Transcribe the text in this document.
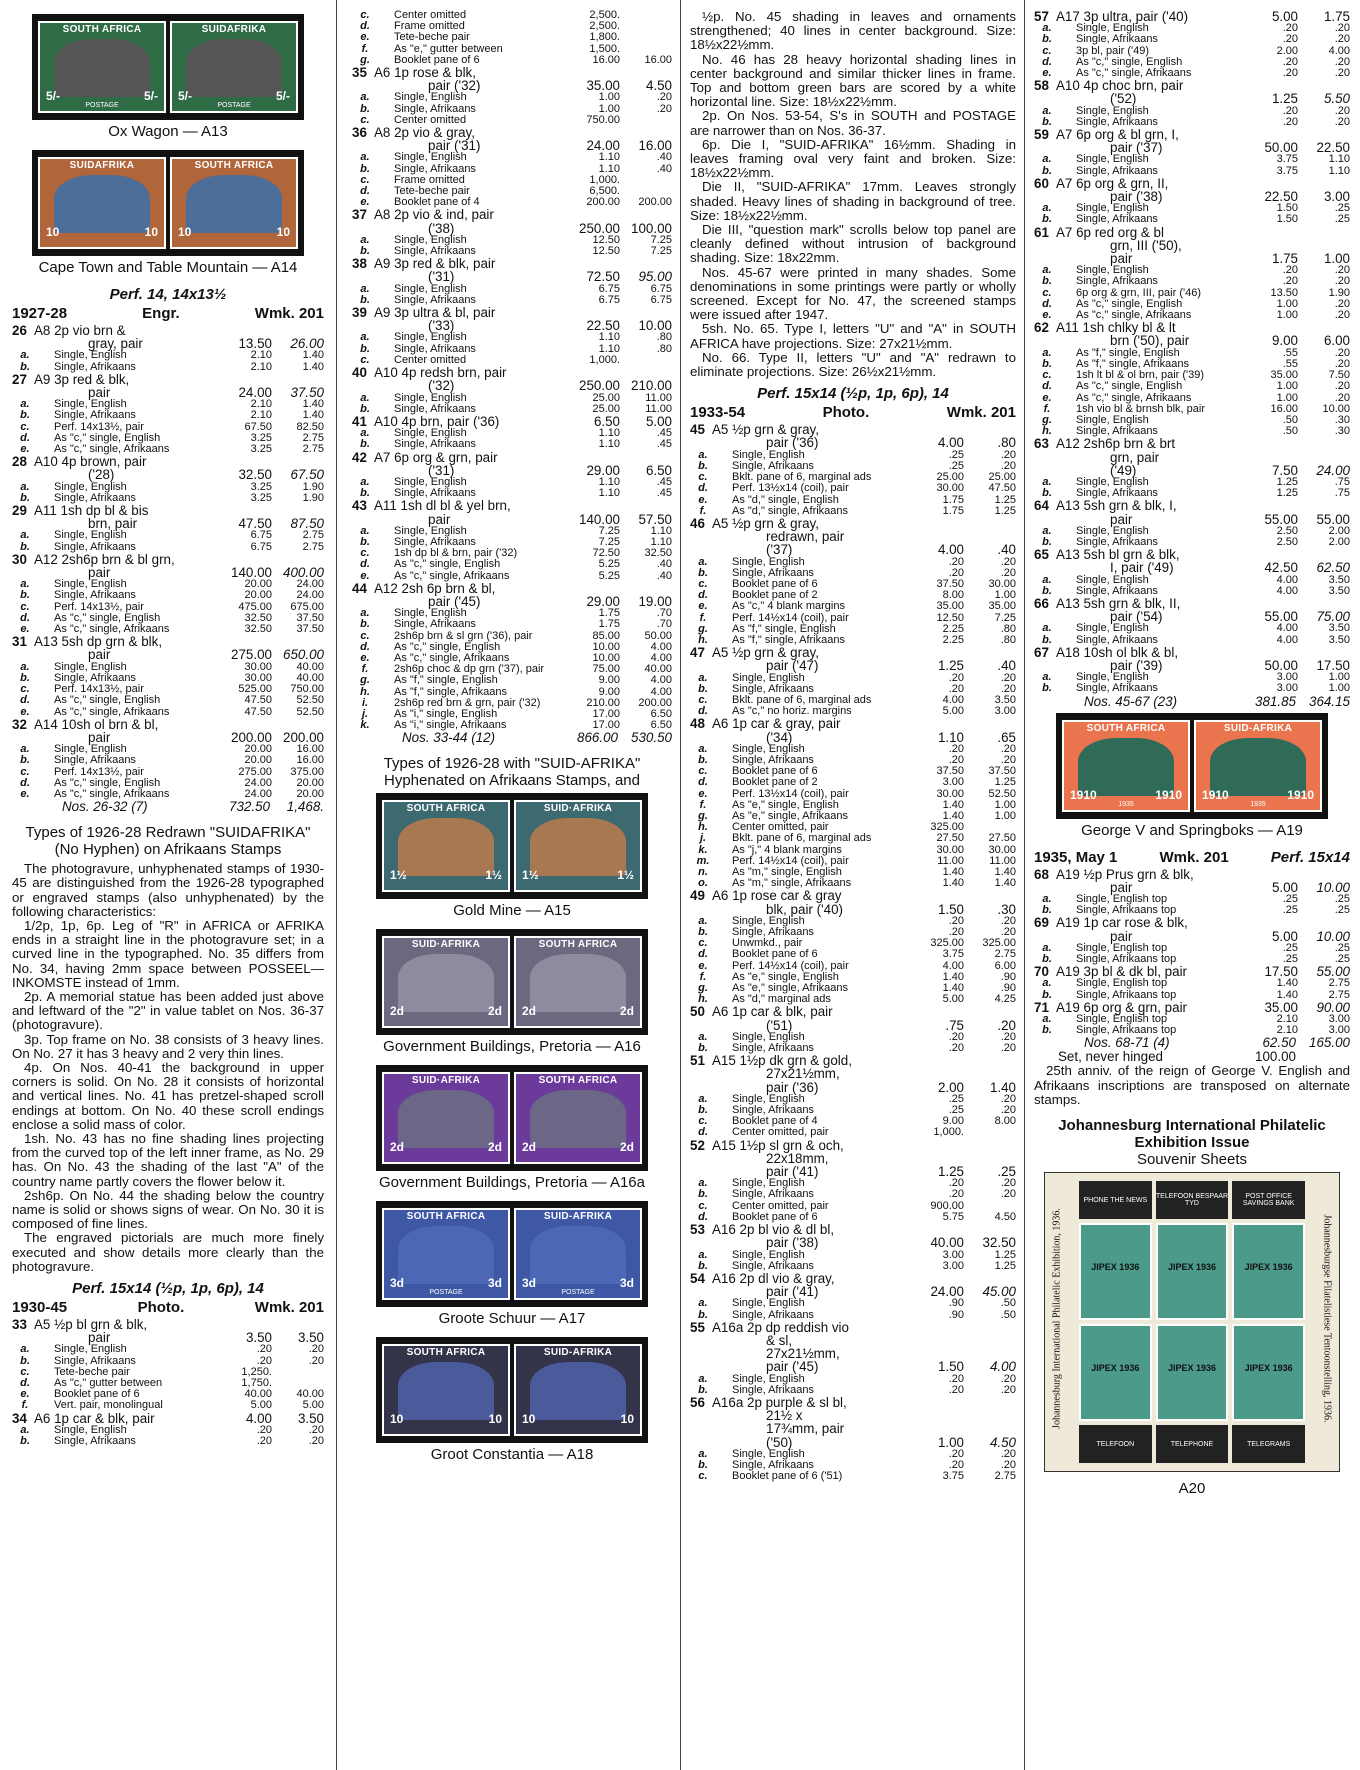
SOUTH AFRICA
5/-	5/-
POSTAGE
SUIDAFRIKA
5/-	5/-
POSTAGE
Ox Wagon — A13
SUIDAFRIKA
10	10
SOUTH AFRICA
10	10
Cape Town and Table Mountain — A14
Perf. 14, 14x13½
1927-28	Engr.	Wmk. 201
26 A8 2p vio brn &
gray, pair	13.50	26.00
a.	Single, English	2.10	1.40
b.	Single, Afrikaans	2.10	1.40
27 A9 3p red & blk,
pair	24.00	37.50
a.	Single, English	2.10	1.40
b.	Single, Afrikaans	2.10	1.40
c.	Perf. 14x13½, pair	67.50	82.50
d.	As "c," single, English	3.25	2.75
e.	As "c," single, Afrikaans	3.25	2.75
28 A10 4p brown, pair
('28)	32.50	67.50
a.	Single, English	3.25	1.90
b.	Single, Afrikaans	3.25	1.90
29 A11 1sh dp bl & bis
brn, pair	47.50	87.50
a.	Single, English	6.75	2.75
b.	Single, Afrikaans	6.75	2.75
30 A12 2sh6p brn & bl grn,
pair	140.00 400.00
a.	Single, English	20.00	24.00
b.	Single, Afrikaans	20.00	24.00
c.	Perf. 14x13½, pair	475.00	675.00
d.	As "c," single, English	32.50	37.50
e.	As "c," single, Afrikaans	32.50	37.50
31 A13 5sh dp grn & blk,
pair	275.00 650.00
a.	Single, English	30.00	40.00
b.	Single, Afrikaans	30.00	40.00
c.	Perf. 14x13½, pair	525.00	750.00
d.	As "c," single, English	47.50	52.50
e.	As "c," single, Afrikaans	47.50	52.50
32 A14 10sh ol brn & bl,
pair	200.00 200.00
a.	Single, English	20.00	16.00
b.	Single, Afrikaans	20.00	16.00
c.	Perf. 14x13½, pair	275.00	375.00
d.	As "c," single, English	24.00	20.00
e.	As "c," single, Afrikaans	24.00	20.00
Nos. 26-32 (7)	732.50	1,468.
Types of 1926-28 Redrawn "SUIDAFRIKA" (No Hyphen) on Afrikaans Stamps

The photogravure, unhyphenated stamps of 1930-45 are distinguished from the 1926-28 typographed or engraved stamps (also unhyphenated) by the following characteristics:

1/2p, 1p, 6p. Leg of "R" in AFRICA or AFRIKA ends in a straight line in the photogravure set; in a curved line in the typographed. No. 35 differs from No. 34, having 2mm space between POSSEEL—INKOMSTE instead of 1mm.

2p. A memorial statue has been added just above and leftward of the "2" in value tablet on Nos. 36-37 (photogravure).

3p. Top frame on No. 38 consists of 3 heavy lines. On No. 27 it has 3 heavy and 2 very thin lines.

4p. On Nos. 40-41 the background in upper corners is solid. On No. 28 it consists of horizontal and vertical lines. No. 41 has pretzel-shaped scroll endings at bottom. On No. 40 these scroll endings enclose a solid mass of color.

1sh. No. 43 has no fine shading lines projecting from the curved top of the left inner frame, as No. 29 has. On No. 43 the shading of the last "A" of the country name partly covers the flower below it.

2sh6p. On No. 44 the shading below the country name is solid or shows signs of wear. On No. 30 it is composed of fine lines.

The engraved pictorials are much more finely executed and show details more clearly than the photogravure.

Perf. 15x14 (½p, 1p, 6p), 14
1930-45	Photo.	Wmk. 201
33 A5 ½p bl grn & blk,
pair	3.50	3.50
a.	Single, English	.20	.20
b.	Single, Afrikaans	.20	.20
c.	Tete-beche pair	1,250.
d.	As "c," gutter between	1,750.
e.	Booklet pane of 6	40.00	40.00
f.	Vert. pair, monolingual	5.00	5.00
34 A6 1p car & blk, pair	4.00	3.50
a.	Single, English	.20	.20
b.	Single, Afrikaans	.20	.20
c.	Center omitted	2,500.
d.	Frame omitted	2,500.
e.	Tete-beche pair	1,800.
f.	As "e," gutter between	1,500.
g.	Booklet pane of 6	16.00	16.00
35 A6 1p rose & blk,
pair ('32)	35.00	4.50
a.	Single, English	1.00	.20
b.	Single, Afrikaans	1.00	.20
c.	Center omitted	750.00
36 A8 2p vio & gray,
pair ('31)	24.00	16.00
a.	Single, English	1.10	.40
b.	Single, Afrikaans	1.10	.40
c.	Frame omitted	1,000.
d.	Tete-beche pair	6,500.
e.	Booklet pane of 4	200.00	200.00
37 A8 2p vio & ind, pair
('38)	250.00 100.00
a.	Single, English	12.50	7.25
b.	Single, Afrikaans	12.50	7.25
38 A9 3p red & blk, pair
('31)	72.50	95.00
a.	Single, English	6.75	6.75
b.	Single, Afrikaans	6.75	6.75
39 A9 3p ultra & bl, pair
('33)	22.50	10.00
a.	Single, English	1.10	.80
b.	Single, Afrikaans	1.10	.80
c.	Center omitted	1,000.
40 A10 4p redsh brn, pair
('32)	250.00 210.00
a.	Single, English	25.00	11.00
b.	Single, Afrikaans	25.00	11.00
41 A10 4p brn, pair ('36)	6.50	5.00
a.	Single, English	1.10	.45
b.	Single, Afrikaans	1.10	.45
42 A7 6p org & grn, pair
('31)	29.00	6.50
a.	Single, English	1.10	.45
b.	Single, Afrikaans	1.10	.45
43 A11 1sh dl bl & yel brn,
pair	140.00	57.50
a.	Single, English	7.25	1.10
b.	Single, Afrikaans	7.25	1.10
c.	1sh dp bl & brn, pair ('32)	72.50	32.50
d.	As "c," single, English	5.25	.40
e.	As "c," single, Afrikaans	5.25	.40
44 A12 2sh 6p brn & bl,
pair ('45)	29.00	19.00
a.	Single, English	1.75	.70
b.	Single, Afrikaans	1.75	.70
c.	2sh6p brn & sl grn ('36), pair	85.00	50.00
d.	As "c," single, English	10.00	4.00
e.	As "c," single, Afrikaans	10.00	4.00
f.	2sh6p choc & dp grn ('37), pair	75.00	40.00
g.	As "f," single, English	9.00	4.00
h.	As "f," single, Afrikaans	9.00	4.00
i.	2sh6p red brn & grn, pair ('32)	210.00	200.00
j.	As "i," single, English	17.00	6.50
k.	As "i," single, Afrikaans	17.00	6.50
Nos. 33-44 (12)	866.00 530.50
Types of 1926-28 with "SUID-AFRIKA" Hyphenated on Afrikaans Stamps, and
SOUTH AFRICA
1½	1½
SUID·AFRIKA
1½	1½
Gold Mine — A15
SUID·AFRIKA
2d	2d
SOUTH AFRICA
2d	2d
Government Buildings, Pretoria — A16
SUID·AFRIKA
2d	2d
SOUTH AFRICA
2d	2d
Government Buildings, Pretoria — A16a
SOUTH AFRICA
3d	3d
POSTAGE
SUID-AFRIKA
3d	3d
POSTAGE
Groote Schuur — A17
SOUTH AFRICA
10	10
SUID-AFRIKA
10	10
Groot Constantia — A18

½p. No. 45 shading in leaves and ornaments strengthened; 40 lines in center background. Size: 18½x22½mm.

No. 46 has 28 heavy horizontal shading lines in center background and similar thicker lines in frame. Top and bottom green bars are scored by a white horizontal line. Size: 18½x22½mm.

2p. On Nos. 53-54, S's in SOUTH and POSTAGE are narrower than on Nos. 36-37.

6p. Die I, "SUID-AFRIKA" 16½mm. Shading in leaves framing oval very faint and broken. Size: 18½x22½mm.

Die II, "SUID-AFRIKA" 17mm. Leaves strongly shaded. Heavy lines of shading in background of tree. Size: 18½x22½mm.

Die III, "question mark" scrolls below top panel are cleanly defined without intrusion of background shading. Size: 18x22mm.

Nos. 45-67 were printed in many shades. Some denominations in some printings were partly or wholly screened. Except for No. 47, the screened stamps were issued after 1947.

5sh. No. 65. Type I, letters "U" and "A" in SOUTH AFRICA have projections. Size: 27x21½mm.

No. 66. Type II, letters "U" and "A" redrawn to eliminate projections. Size: 26½x21½mm.

Perf. 15x14 (½p, 1p, 6p), 14
1933-54	Photo.	Wmk. 201
45 A5 ½p grn & gray,
pair ('36)	4.00	.80
a.	Single, English	.25	.20
b.	Single, Afrikaans	.25	.20
c.	Bklt. pane of 6, marginal ads	25.00	25.00
d.	Perf. 13½x14 (coil), pair	30.00	47.50
e.	As "d," single, English	1.75	1.25
f.	As "d," single, Afrikaans	1.75	1.25
46 A5 ½p grn & gray,
redrawn, pair
('37)	4.00	.40
a.	Single, English	.20	.20
b.	Single, Afrikaans	.20	.20
c.	Booklet pane of 6	37.50	30.00
d.	Booklet pane of 2	8.00	1.00
e.	As "c," 4 blank margins	35.00	35.00
f.	Perf. 14½x14 (coil), pair	12.50	7.25
g.	As "f," single, English	2.25	.80
h.	As "f," single, Afrikaans	2.25	.80
47 A5 ½p grn & gray,
pair ('47)	1.25	.40
a.	Single, English	.20	.20
b.	Single, Afrikaans	.20	.20
c.	Bklt. pane of 6, marginal ads	4.00	3.50
d.	As "c," no horiz. margins	5.00	3.00
48 A6 1p car & gray, pair
('34)	1.10	.65
a.	Single, English	.20	.20
b.	Single, Afrikaans	.20	.20
c.	Booklet pane of 6	37.50	37.50
d.	Booklet pane of 2	3.00	1.25
e.	Perf. 13½x14 (coil), pair	30.00	52.50
f.	As "e," single, English	1.40	1.00
g.	As "e," single, Afrikaans	1.40	1.00
h.	Center omitted, pair	325.00
j.	Bklt. pane of 6, marginal ads	27.50	27.50
k.	As "j," 4 blank margins	30.00	30.00
m.	Perf. 14½x14 (coil), pair	11.00	11.00
n.	As "m," single, English	1.40	1.40
o.	As "m," single, Afrikaans	1.40	1.40
49 A6 1p rose car & gray
blk, pair ('40)	1.50	.30
a.	Single, English	.20	.20
b.	Single, Afrikaans	.20	.20
c.	Unwmkd., pair	325.00	325.00
d.	Booklet pane of 6	3.75	2.75
e.	Perf. 14½x14 (coil), pair	4.00	6.00
f.	As "e," single, English	1.40	.90
g.	As "e," single, Afrikaans	1.40	.90
h.	As "d," marginal ads	5.00	4.25
50 A6 1p car & blk, pair
('51)	.75	.20
a.	Single, English	.20	.20
b.	Single, Afrikaans	.20	.20
51 A15 1½p dk grn & gold,
27x21½mm,
pair ('36)	2.00	1.40
a.	Single, English	.25	.20
b.	Single, Afrikaans	.25	.20
c.	Booklet pane of 4	9.00	8.00
d.	Center omitted, pair	1,000.
52 A15 1½p sl grn & och,
22x18mm,
pair ('41)	1.25	.25
a.	Single, English	.20	.20
b.	Single, Afrikaans	.20	.20
c.	Center omitted, pair	900.00
d.	Booklet pane of 6	5.75	4.50
53 A16 2p bl vio & dl bl,
pair ('38)	40.00	32.50
a.	Single, English	3.00	1.25
b.	Single, Afrikaans	3.00	1.25
54 A16 2p dl vio & gray,
pair ('41)	24.00	45.00
a.	Single, English	.90	.50
b.	Single, Afrikaans	.90	.50
55 A16a 2p dp reddish vio
& sl,
27x21½mm,
pair ('45)	1.50	4.00
a.	Single, English	.20	.20
b.	Single, Afrikaans	.20	.20
56 A16a 2p purple & sl bl,
21½ x
17¾mm, pair
('50)	1.00	4.50
a.	Single, English	.20	.20
b.	Single, Afrikaans	.20	.20
c.	Booklet pane of 6 ('51)	3.75	2.75
57 A17 3p ultra, pair ('40)	5.00	1.75
a.	Single, English	.20	.20
b.	Single, Afrikaans	.20	.20
c.	3p bl, pair ('49)	2.00	4.00
d.	As "c," single, English	.20	.20
e.	As "c," single, Afrikaans	.20	.20
58 A10 4p choc brn, pair
('52)	1.25	5.50
a.	Single, English	.20	.20
b.	Single, Afrikaans	.20	.20
59 A7 6p org & bl grn, I,
pair ('37)	50.00	22.50
a.	Single, English	3.75	1.10
b.	Single, Afrikaans	3.75	1.10
60 A7 6p org & grn, II,
pair ('38)	22.50	3.00
a.	Single, English	1.50	.25
b.	Single, Afrikaans	1.50	.25
61 A7 6p red org & bl
grn, III ('50),
pair	1.75	1.00
a.	Single, English	.20	.20
b.	Single, Afrikaans	.20	.20
c.	6p org & grn, III, pair ('46)	13.50	1.90
d.	As "c," single, English	1.00	.20
e.	As "c," single, Afrikaans	1.00	.20
62 A11 1sh chlky bl & lt
brn ('50), pair	9.00	6.00
a.	As "f," single, English	.55	.20
b.	As "f," single, Afrikaans	.55	.20
c.	1sh lt bl & ol brn, pair ('39)	35.00	7.50
d.	As "c," single, English	1.00	.20
e.	As "c," single, Afrikaans	1.00	.20
f.	1sh vio bl & brnsh blk, pair	16.00	10.00
g.	Single, English	.50	.30
h.	Single, Afrikaans	.50	.30
63 A12 2sh6p brn & brt
grn, pair
('49)	7.50	24.00
a.	Single, English	1.25	.75
b.	Single, Afrikaans	1.25	.75
64 A13 5sh grn & blk, I,
pair	55.00	55.00
a.	Single, English	2.50	2.00
b.	Single, Afrikaans	2.50	2.00
65 A13 5sh bl grn & blk,
I, pair ('49)	42.50	62.50
a.	Single, English	4.00	3.50
b.	Single, Afrikaans	4.00	3.50
66 A13 5sh grn & blk, II,
pair ('54)	55.00	75.00
a.	Single, English	4.00	3.50
b.	Single, Afrikaans	4.00	3.50
67 A18 10sh ol blk & bl,
pair ('39)	50.00	17.50
a.	Single, English	3.00	1.00
b.	Single, Afrikaans	3.00	1.00
Nos. 45-67 (23)	381.85 364.15
SOUTH AFRICA
1910	1910
1935
SUID-AFRIKA
1910	1910
1935
George V and Springboks — A19
1935, May 1	Wmk. 201	Perf. 15x14
68 A19 ½p Prus grn & blk,
pair	5.00	10.00
a.	Single, English top	.25	.25
b.	Single, Afrikaans top	.25	.25
69 A19 1p car rose & blk,
pair	5.00	10.00
a.	Single, English top	.25	.25
b.	Single, Afrikaans top	.25	.25
70 A19 3p bl & dk bl, pair	17.50	55.00
a.	Single, English top	1.40	2.75
b.	Single, Afrikaans top	1.40	2.75
71 A19 6p org & grn, pair	35.00	90.00
a.	Single, English top	2.10	3.00
b.	Single, Afrikaans top	2.10	3.00
Nos. 68-71 (4)	62.50 165.00
Set, never hinged	100.00

25th anniv. of the reign of George V. English and Afrikaans inscriptions are transposed on alternate stamps.

Johannesburg International Philatelic Exhibition Issue
Souvenir Sheets
Johannesburg International Philatelic Exhibition, 1936.	Johannesburgse Filatelistiese Tentoonstelling, 1936.
PHONE THE NEWS	TELEFOON BESPAAR TYD
POST OFFICE SAVINGS BANK
JIPEX 1936	JIPEX 1936	JIPEX 1936
JIPEX 1936	JIPEX 1936	JIPEX 1936
TELEFOON	TELEPHONE	TELEGRAMS
A20
